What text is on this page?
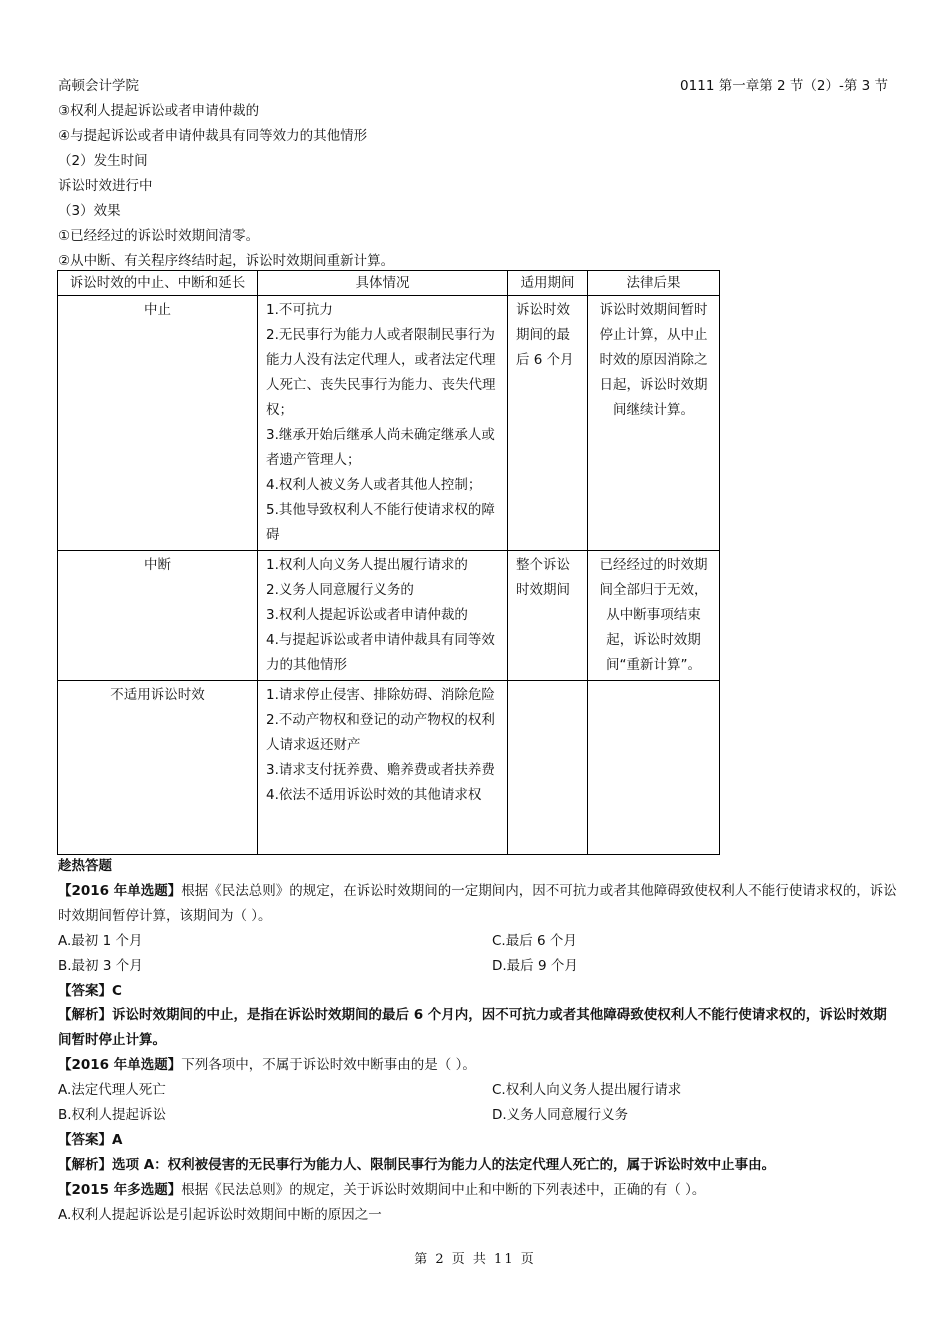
高顿会计学院	0111 第一章第 2 节（2）-第 3 节
③权利人提起诉讼或者申请仲裁的
④与提起诉讼或者申请仲裁具有同等效力的其他情形
（2）发生时间
诉讼时效进行中
（3）效果
①已经经过的诉讼时效期间清零。
②从中断、有关程序终结时起，诉讼时效期间重新计算。
诉讼时效的中止、中断和延长	具体情况	适用期间	法律后果
中止	1.不可抗力
2.无民事行为能力人或者限制民事行为能力人没有法定代理人，或者法定代理人死亡、丧失民事行为能力、丧失代理权；
3.继承开始后继承人尚未确定继承人或者遗产管理人；
4.权利人被义务人或者其他人控制；
5.其他导致权利人不能行使请求权的障碍	诉讼时效期间的最后 6 个月	诉讼时效期间暂时停止计算，从中止时效的原因消除之日起，诉讼时效期间继续计算。
中断	1.权利人向义务人提出履行请求的
2.义务人同意履行义务的
3.权利人提起诉讼或者申请仲裁的
4.与提起诉讼或者申请仲裁具有同等效力的其他情形	整个诉讼时效期间	已经经过的时效期间全部归于无效，从中断事项结束起，诉讼时效期间“重新计算”。
不适用诉讼时效	1.请求停止侵害、排除妨碍、消除危险
2.不动产物权和登记的动产物权的权利人请求返还财产
3.请求支付抚养费、赡养费或者扶养费
4.依法不适用诉讼时效的其他请求权		

趁热答题
【2016 年单选题】根据《民法总则》的规定，在诉讼时效期间的一定期间内，因不可抗力或者其他障碍致使权利人不能行使请求权的，诉讼时效期间暂停计算，该期间为（ ）。
A.最初 1 个月	C.最后 6 个月
B.最初 3 个月	D.最后 9 个月
【答案】C
【解析】诉讼时效期间的中止，是指在诉讼时效期间的最后 6 个月内，因不可抗力或者其他障碍致使权利人不能行使请求权的，诉讼时效期间暂时停止计算。
【2016 年单选题】下列各项中，不属于诉讼时效中断事由的是（ ）。
A.法定代理人死亡	C.权利人向义务人提出履行请求
B.权利人提起诉讼	D.义务人同意履行义务
【答案】A
【解析】选项 A：权利被侵害的无民事行为能力人、限制民事行为能力人的法定代理人死亡的，属于诉讼时效中止事由。
【2015 年多选题】根据《民法总则》的规定，关于诉讼时效期间中止和中断的下列表述中，正确的有（ ）。
A.权利人提起诉讼是引起诉讼时效期间中断的原因之一
第 2 页 共 11 页
